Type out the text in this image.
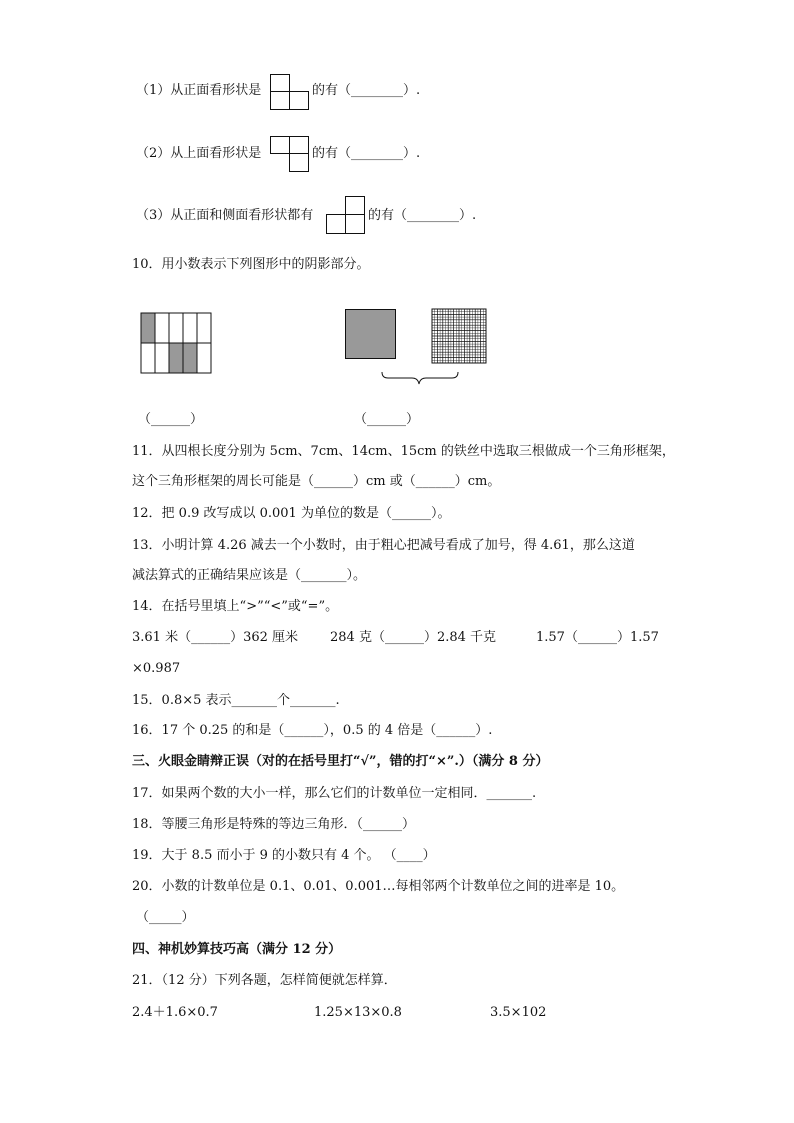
（1）从正面看形状是	的有（________）.
（2）从上面看形状是	的有（________）.
（3）从正面和侧面看形状都有	的有（________）.
10．用小数表示下列图形中的阴影部分。
（______）	（______）
11．从四根长度分别为 5cm、7cm、14cm、15cm 的铁丝中选取三根做成一个三角形框架，
这个三角形框架的周长可能是（______）cm 或（______）cm。
12．把 0.9 改写成以 0.001 为单位的数是（______）。
13．小明计算 4.26 减去一个小数时，由于粗心把减号看成了加号，得 4.61，那么这道
减法算式的正确结果应该是（_______）。
14．在括号里填上“>”“<”或“=”。
3.61 米（______）362 厘米 284 克（______）2.84 千克	1.57（______）1.57
×0.987
15．0.8×5 表示_______个_______.
16．17 个 0.25 的和是（______），0.5 的 4 倍是（______）.
三、火眼金睛辩正误（对的在括号里打“√”，错的打“×”.）（满分 8 分）
17．如果两个数的大小一样，那么它们的计数单位一定相同．_______.
18．等腰三角形是特殊的等边三角形．（______）
19．大于 8.5 而小于 9 的小数只有 4 个。 （____）
20．小数的计数单位是 0.1、0.01、0.001…每相邻两个计数单位之间的进率是 10。
（_____）
四、神机妙算技巧高（满分 12 分）
21．（12 分）下列各题，怎样简便就怎样算．
2.4＋1.6×0.7	1.25×13×0.8	3.5×102
